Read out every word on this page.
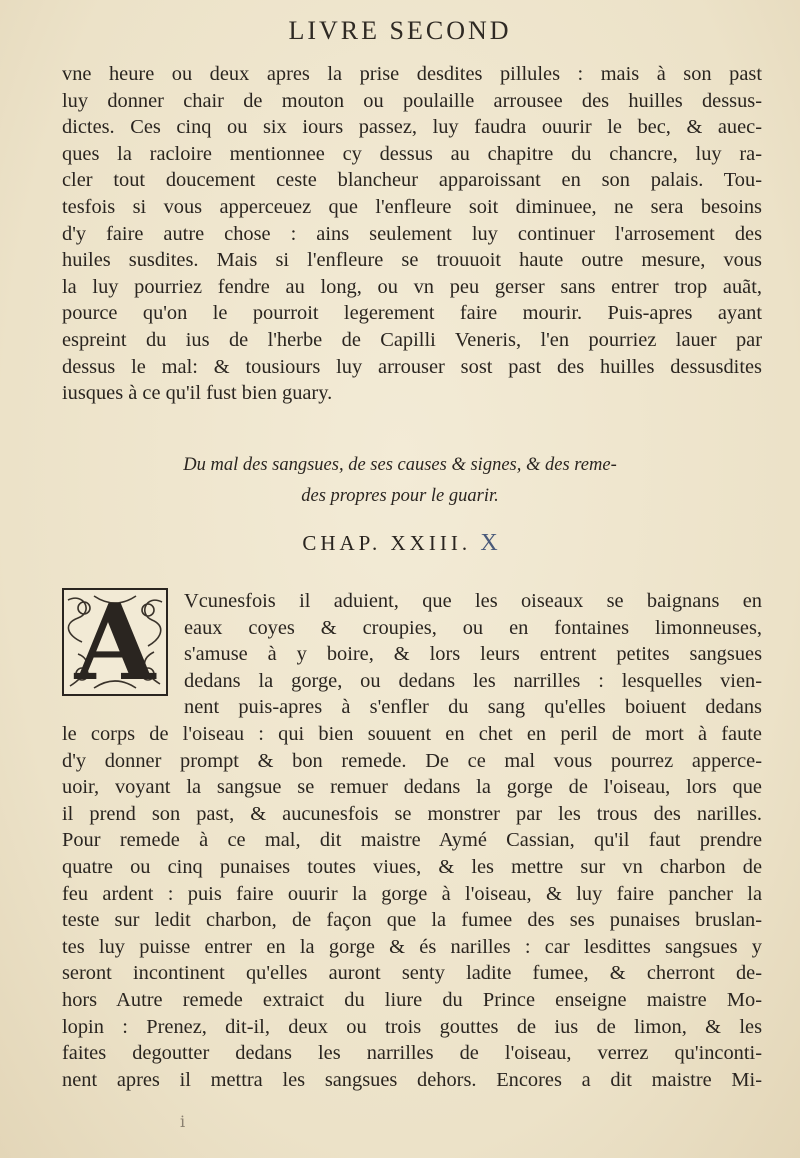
LIVRE SECOND
vne heure ou deux apres la prise desdites pillules : mais à son past
luy donner chair de mouton ou poulaille arrousee des huilles dessus-
dictes. Ces cinq ou six iours passez, luy faudra ouurir le bec, & auec-
ques la racloire mentionnee cy dessus au chapitre du chancre, luy ra-
cler tout doucement ceste blancheur apparoissant en son palais. Tou-
tesfois si vous apperceuez que l'enfleure soit diminuee, ne sera besoins
d'y faire autre chose : ains seulement luy continuer l'arrosement des
huiles susdites. Mais si l'enfleure se trouuoit haute outre mesure, vous
la luy pourriez fendre au long, ou vn peu gerser sans entrer trop auãt,
pource qu'on le pourroit legerement faire mourir. Puis-apres ayant
espreint du ius de l'herbe de Capilli Veneris, l'en pourriez lauer par
dessus le mal: & tousiours luy arrouser sost past des huilles dessusdites
iusques à ce qu'il fust bien guary.
Du mal des sangsues, de ses causes & signes, & des reme-
des propres pour le guarir.
CHAP. XXIII. X
A	Vcunesfois il aduient, que les oiseaux se baignans en
eaux coyes & croupies, ou en fontaines limonneuses,
s'amuse à y boire, & lors leurs entrent petites sangsues
dedans la gorge, ou dedans les narrilles : lesquelles vien-
nent puis-apres à s'enfler du sang qu'elles boiuent dedans
le corps de l'oiseau : qui bien souuent en chet en peril de mort à faute
d'y donner prompt & bon remede. De ce mal vous pourrez apperce-
uoir, voyant la sangsue se remuer dedans la gorge de l'oiseau, lors que
il prend son past, & aucunesfois se monstrer par les trous des narilles.
Pour remede à ce mal, dit maistre Aymé Cassian, qu'il faut prendre
quatre ou cinq punaises toutes viues, & les mettre sur vn charbon de
feu ardent : puis faire ouurir la gorge à l'oiseau, & luy faire pancher la
teste sur ledit charbon, de façon que la fumee des ses punaises bruslan-
tes luy puisse entrer en la gorge & és narilles : car lesdittes sangsues y
seront incontinent qu'elles auront senty ladite fumee, & cherront de-
hors Autre remede extraict du liure du Prince enseigne maistre Mo-
lopin : Prenez, dit-il, deux ou trois gouttes de ius de limon, & les
faites degoutter dedans les narrilles de l'oiseau, verrez qu'inconti-
nent apres il mettra les sangsues dehors. Encores a dit maistre Mi-
i
